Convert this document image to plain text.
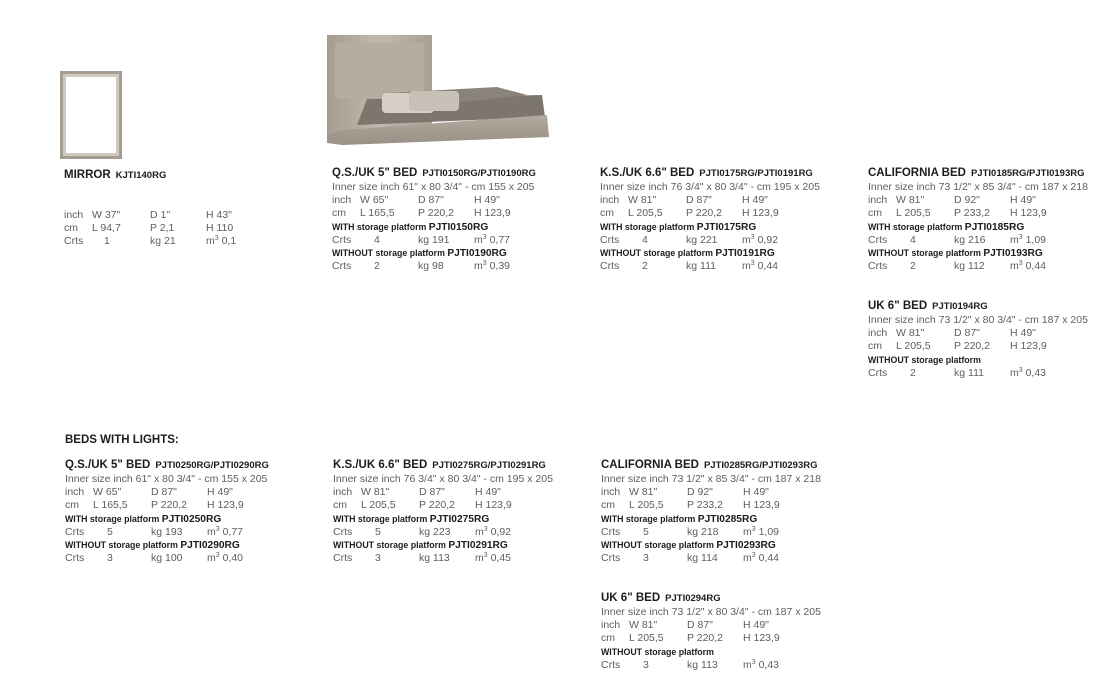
MIRROR KJTI140RG
inch W 37"	D 1"	H 43"
cm L 94,7	P 2,1	H 110
Crts 1	kg 21	$m^3$ 0,1
Q.S./UK 5" BED PJTI0150RG/PJTI0190RG
Inner size inch 61" x 80 3/4" - cm 155 x 205
inch W 65"	D 87"	H 49"
cm L 165,5 P 220,2 H 123,9
WITH storage platform PJTI0150RG
Crts 4	kg 191 $m^3$ 0,77
WITHOUT storage platform PJTI0190RG
Crts 2	kg 98	$m^3$ 0,39
K.S./UK 6.6" BED PJTI0175RG/PJTI0191RG
Inner size inch 76 3/4" x 80 3/4" - cm 195 x 205
inch W 81"	D 87"	H 49"
cm L 205,5 P 220,2 H 123,9
WITH storage platform PJTI0175RG
Crts 4	kg 221 $m^3$ 0,92
WITHOUT storage platform PJTI0191RG
Crts 2	kg 111 $m^3$ 0,44
CALIFORNIA BED PJTI0185RG/PJTI0193RG
Inner size inch 73 1/2" x 85 3/4" - cm 187 x 218
inch W 81"	D 92"	H 49"
cm L 205,5 P 233,2 H 123,9
WITH storage platform PJTI0185RG
Crts 4	kg 216 $m^3$ 1,09
WITHOUT storage platform PJTI0193RG
Crts 2	kg 112 $m^3$ 0,44
UK 6" BED PJTI0194RG
Inner size inch 73 1/2" x 80 3/4" - cm 187 x 205
inch W 81"	D 87"	H 49"
cm L 205,5 P 220,2 H 123,9
WITHOUT storage platform
Crts 2	kg 111 $m^3$ 0,43
BEDS WITH LIGHTS:
Q.S./UK 5" BED PJTI0250RG/PJTI0290RG
Inner size inch 61" x 80 3/4" - cm 155 x 205
inch W 65"	D 87"	H 49"
cm L 165,5 P 220,2 H 123,9
WITH storage platform PJTI0250RG
Crts 5	kg 193 $m^3$ 0,77
WITHOUT storage platform PJTI0290RG
Crts 3	kg 100 $m^3$ 0,40
K.S./UK 6.6" BED PJTI0275RG/PJTI0291RG
Inner size inch 76 3/4" x 80 3/4" - cm 195 x 205
inch W 81"	D 87"	H 49"
cm L 205,5 P 220,2 H 123,9
WITH storage platform PJTI0275RG
Crts 5	kg 223 $m^3$ 0,92
WITHOUT storage platform PJTI0291RG
Crts 3	kg 113 $m^3$ 0,45
CALIFORNIA BED PJTI0285RG/PJTI0293RG
Inner size inch 73 1/2" x 85 3/4" - cm 187 x 218
inch W 81"	D 92"	H 49"
cm L 205,5 P 233,2 H 123,9
WITH storage platform PJTI0285RG
Crts 5	kg 218 $m^3$ 1,09
WITHOUT storage platform PJTI0293RG
Crts 3	kg 114 $m^3$ 0,44
UK 6" BED PJTI0294RG
Inner size inch 73 1/2" x 80 3/4" - cm 187 x 205
inch W 81"	D 87"	H 49"
cm L 205,5 P 220,2 H 123,9
WITHOUT storage platform
Crts 3	kg 113 $m^3$ 0,43
